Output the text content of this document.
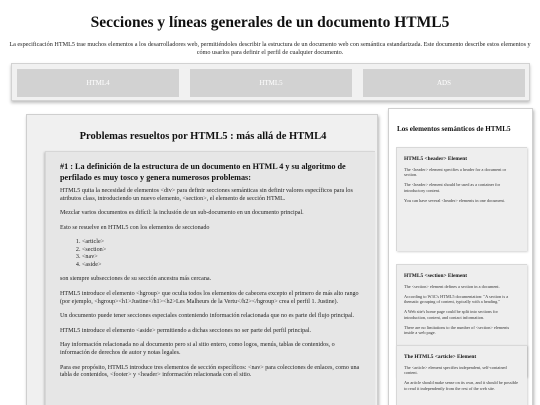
Secciones y líneas generales de un documento HTML5

La especificación HTML5 trae muchos elementos a los desarrolladores web, permitiéndoles describir la estructura de un documento web con semántica estandarizada. Este documento describe estos elementos y cómo usarlos para definir el perfil de cualquier documento.

HTML4	HTML5	ADS
Problemas resueltos por HTML5 : más allá de HTML4
#1 : La definición de la estructura de un documento en HTML 4 y su algoritmo de perfilado es muy tosco y genera numerosos problemas:

HTML5 quita la necesidad de elementos <div> para definir secciones semánticas sin definir valores específicos para los atributos class, introduciendo un nuevo elemento, <section>, el elemento de sección HTML.

Mezclar varios documentos es difícil: la inclusión de un sub-documento en un documento principal.

Esto se resuelve en HTML5 con los elementos de seccionado

1. <article>
2. <section>
3. <nav>
4. <aside>

son siempre subsecciones de su sección ancestra más cercana.

HTML5 introduce el elemento <hgroup> que oculta todos los elementos de cabecera excepto el primero de más alto rango (por ejemplo, <hgroup><h1>Justine</h1><h2>Les Malheurs de la Vertu</h2></hgroup> crea el perfil 1. Justine).

Un documento puede tener secciones especiales conteniendo información relacionada que no es parte del flujo principal.

HTML5 introduce el elemento <aside> permitiendo a dichas secciones no ser parte del perfil principal.

Hay información relacionada no al documento pero si al sitio entero, como logos, menús, tablas de contenidos, o información de derechos de autor y notas legales.

Para ese propósito, HTML5 introduce tres elementos de sección específicos: <nav> para colecciones de enlaces, como una tabla de contenidos, <footer> y <header> información relacionada con el sitio.

Los elementos semánticos de HTML5
HTML5 <header> Element

The <header> element specifies a header for a document or section.

The <header> element should be used as a container for introductory content.

You can have several <header> elements in one document.

HTML5 <section> Element

The <section> element defines a section in a document.

According to W3C's HTML5 documentation: "A section is a thematic grouping of content, typically with a heading."

A Web site's home page could be split into sections for introduction, content, and contact information.

There are no limitations to the number of <section> elements inside a web page.

The HTML5 <article> Element

The <article> element specifies independent, self-contained content.

An article should make sense on its own, and it should be possible to read it independently from the rest of the web site.
